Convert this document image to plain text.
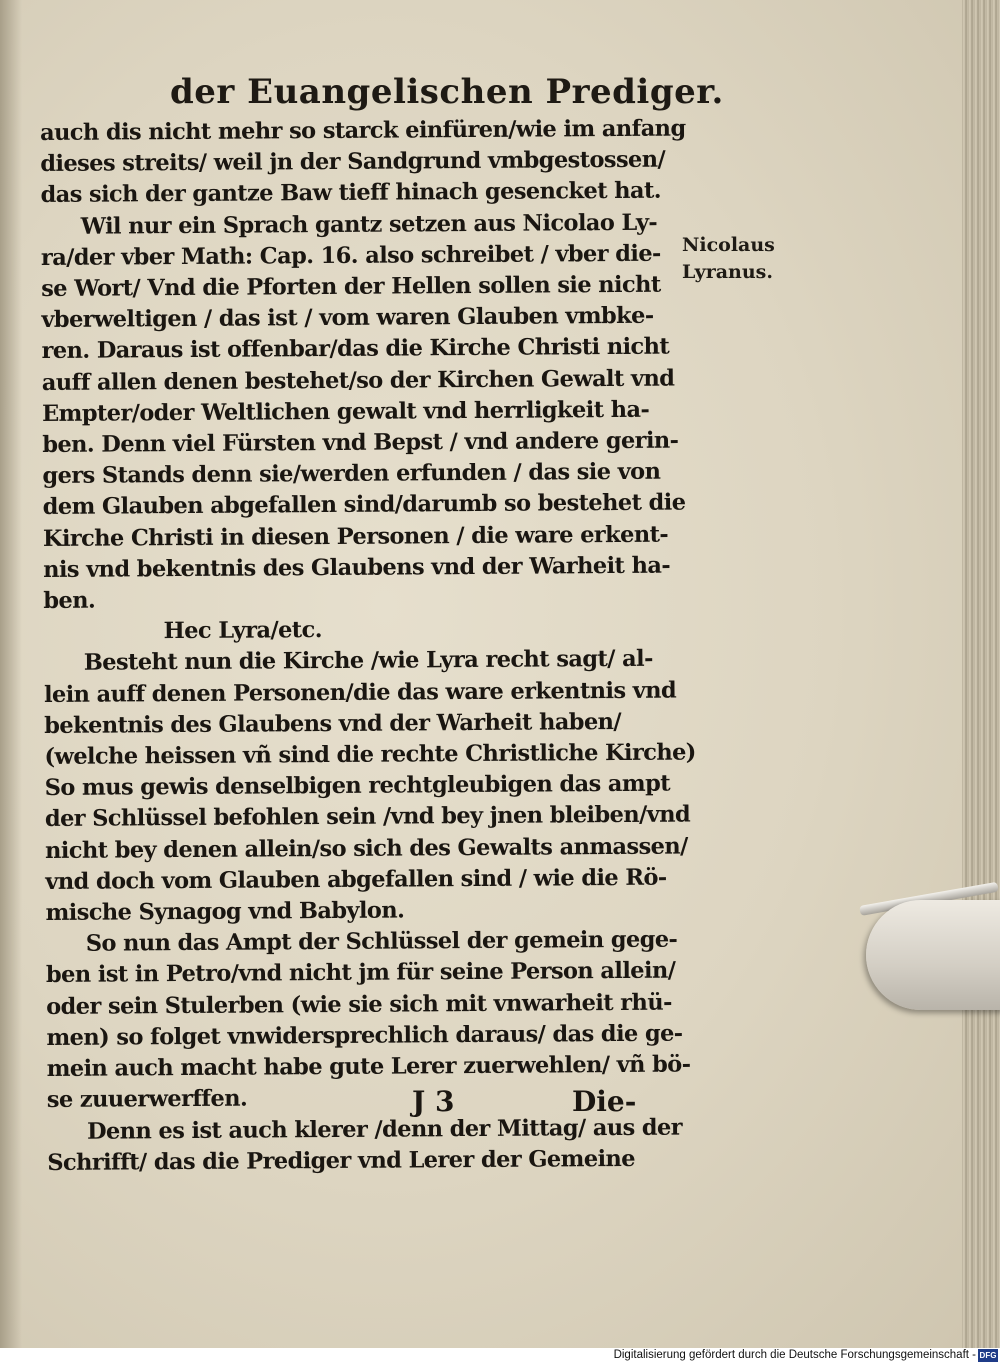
der Euangelischen Prediger.
auch dis nicht mehr so starck einfüren/wie im anfang
dieses streits/ weil jn der Sandgrund vmbgestossen/
das sich der gantze Baw tieff hinach gesencket hat.
Wil nur ein Sprach gantz setzen aus Nicolao Ly-
ra/der vber Math: Cap. 16. also schreibet / vber die-
se Wort/ Vnd die Pforten der Hellen sollen sie nicht
vberweltigen / das ist / vom waren Glauben vmbke-
ren. Daraus ist offenbar/das die Kirche Christi nicht
auff allen denen bestehet/so der Kirchen Gewalt vnd
Empter/oder Weltlichen gewalt vnd herrligkeit ha-
ben. Denn viel Fürsten vnd Bepst / vnd andere gerin-
gers Stands denn sie/werden erfunden / das sie von
dem Glauben abgefallen sind/darumb so bestehet die
Kirche Christi in diesen Personen / die ware erkent-
nis vnd bekentnis des Glaubens vnd der Warheit ha-
ben.
Hec Lyra/etc.
Besteht nun die Kirche /wie Lyra recht sagt/ al-
lein auff denen Personen/die das ware erkentnis vnd
bekentnis des Glaubens vnd der Warheit haben/
(welche heissen vñ sind die rechte Christliche Kirche)
So mus gewis denselbigen rechtgleubigen das ampt
der Schlüssel befohlen sein /vnd bey jnen bleiben/vnd
nicht bey denen allein/so sich des Gewalts anmassen/
vnd doch vom Glauben abgefallen sind / wie die Rö-
mische Synagog vnd Babylon.
So nun das Ampt der Schlüssel der gemein gege-
ben ist in Petro/vnd nicht jm für seine Person allein/
oder sein Stulerben (wie sie sich mit vnwarheit rhü-
men) so folget vnwidersprechlich daraus/ das die ge-
mein auch macht habe gute Lerer zuerwehlen/ vñ bö-
se zuuerwerffen.
Denn es ist auch klerer /denn der Mittag/ aus der
Schrifft/ das die Prediger vnd Lerer der Gemeine
Nicolaus
Lyranus.
J 3	Die-
Digitalisierung gefördert durch die Deutsche Forschungsgemeinschaft - DFG
